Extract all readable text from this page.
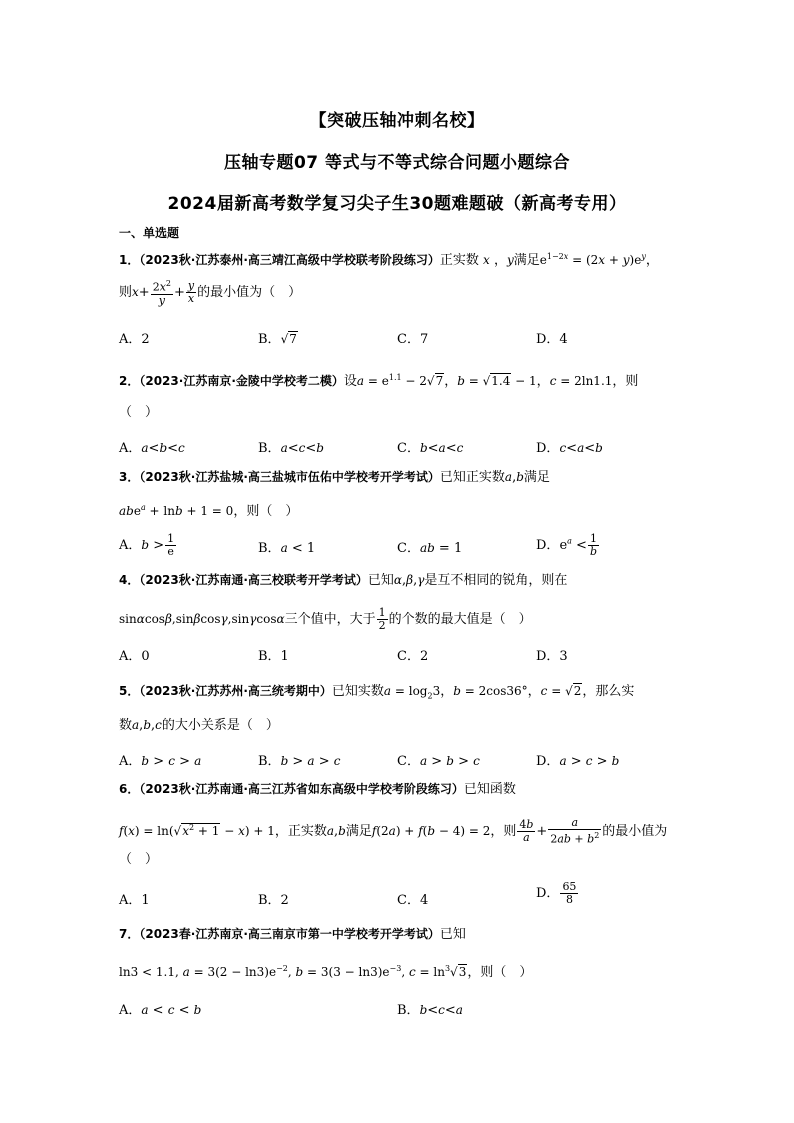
【突破压轴冲刺名校】
压轴专题07 等式与不等式综合问题小题综合
2024届新高考数学复习尖子生30题难题破（新高考专用）
一、单选题
1．（2023秋·江苏泰州·高三靖江高级中学校联考阶段练习）正实数 x ，y满足$e^{1-2x} = (2x + y)e^y$，
则$x+ \frac{2x^2}{y} + \frac{y}{x}$ 的最小值为（　）
A．2	B．√7	C．7	D．4
2．（2023·江苏南京·金陵中学校考二模）设$a = e^{1.1} - 2√7$，b = √1.4 − 1，c = 2ln1.1，则
（　）
A．a<b<c	B．a<c<b	C．b<a<c	D．c<a<b
3．（2023秋·江苏盐城·高三盐城市伍佑中学校考开学考试）已知正实数a,b满足
abe$^a$ + lnb + 1 = 0，则（　）
A．$b > \frac{1}{e}$	B．a < 1	C．ab = 1	D．$e^a < \frac{1}{b}$
4．（2023秋·江苏南通·高三校联考开学考试）已知α,β,γ是互不相同的锐角，则在
sinαcosβ,sinβcosγ,sinγcosα三个值中，大于 $\frac{1}{2}$ 的个数的最大值是（　）
A．0	B．1	C．2	D．3
5．（2023秋·江苏苏州·高三统考期中）已知实数$a = \log_23$，b = 2cos36°，c = √2，那么实
数a,b,c的大小关系是（　）
A．b > c > a	B．b > a > c	C．a > b > c	D．a > c > b
6．（2023秋·江苏南通·高三江苏省如东高级中学校考阶段练习）已知函数
$f(x) = \ln(√x^2 + 1 - x) + 1$，正实数a,b满足f(2a) + f(b − 4) = 2，则 $\frac{4b}{a} + \frac{a}{2ab + b^2}$ 的最小值为
（　）
A．1	B．2	C．4	D． $\frac{65}{8}$
7．（2023春·江苏南京·高三南京市第一中学校考开学考试）已知
ln3 < 1.1, $a = 3(2 - \ln 3)e^{-2}$, $b = 3(3 - \ln 3)e^{-3}$, $c = \ln^3√3$，则（　）
A．a < c < b	B．b<c<a
